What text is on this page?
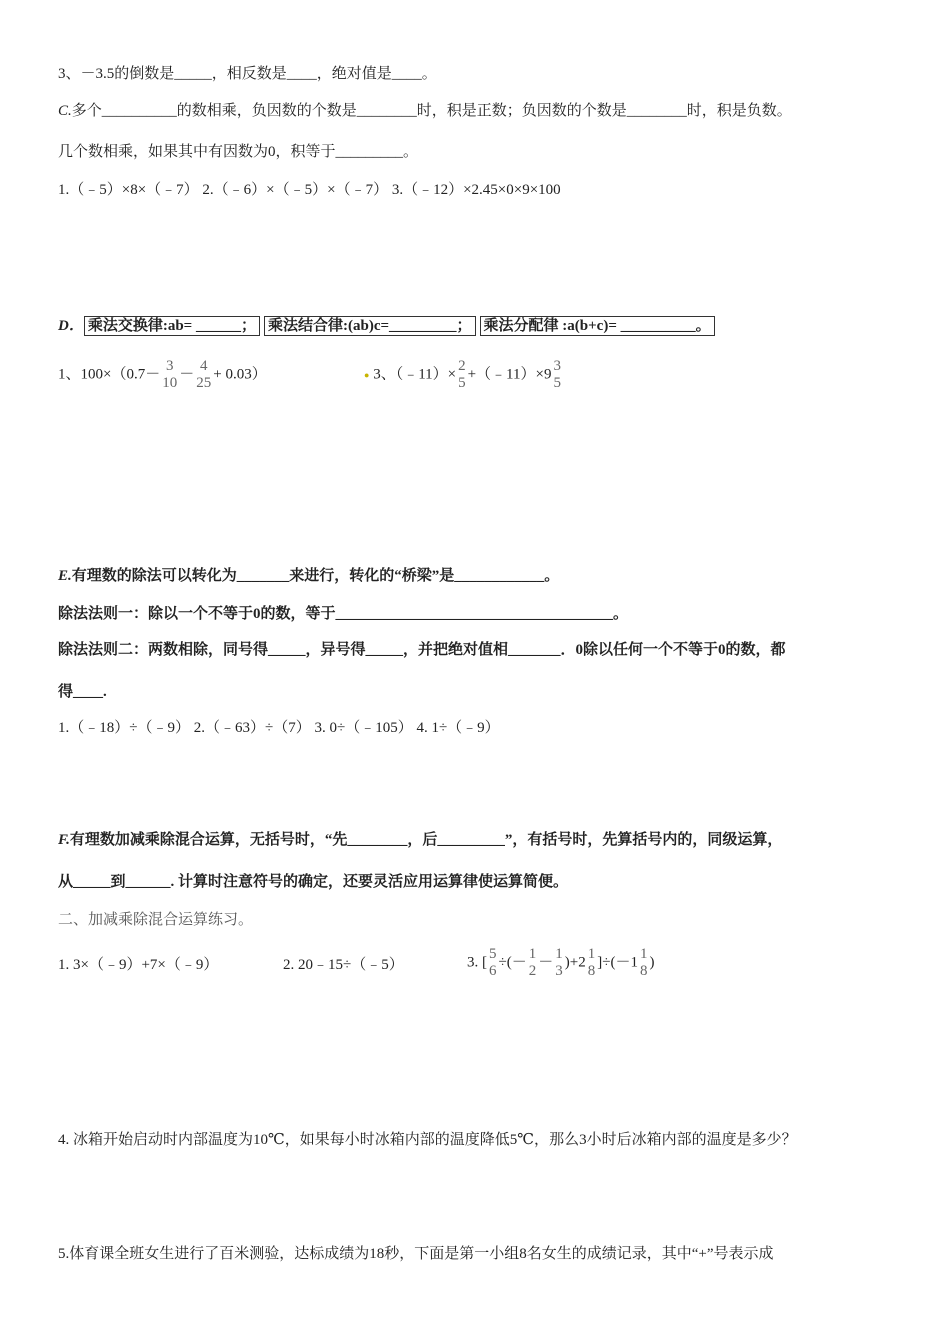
3、－3.5的倒数是_____，相反数是____，绝对值是____。
C.多个__________的数相乘，负因数的个数是________时，积是正数；负因数的个数是________时，积是负数。
几个数相乘，如果其中有因数为0，积等于_________。
1.（﹣5）×8×（﹣7） 2.（﹣6）×（﹣5）×（﹣7） 3.（﹣12）×2.45×0×9×100
D． 乘法交换律:ab= ______； 乘法结合律:(ab)c=_________； 乘法分配律 :a(b+c)= __________。
1、100×（0.7－
3
10
－
4
25
+ 0.03）	● 3、（﹣11）×
2
5
+（﹣11）×9
3
5
E.有理数的除法可以转化为_______来进行，转化的“桥梁”是____________。
除法法则一：除以一个不等于0的数，等于_____________________________________。
除法法则二：两数相除，同号得_____，异号得_____，并把绝对值相_______．0除以任何一个不等于0的数，都
得____.
1.（﹣18）÷（﹣9） 2.（﹣63）÷（7） 3. 0÷（﹣105） 4. 1÷（﹣9）
F.有理数加减乘除混合运算，无括号时，“先________，后_________”，有括号时，先算括号内的，同级运算，
从_____到______. 计算时注意符号的确定，还要灵活应用运算律使运算简便。
二、加减乘除混合运算练习。
1. 3×（﹣9）+7×（﹣9）	2. 20﹣15÷（﹣5）	3. [
5
6
÷(－
1
2
－
1
3
)+2
1
8
]÷(－1
1
8
)
4. 冰箱开始启动时内部温度为10℃，如果每小时冰箱内部的温度降低5℃，那么3小时后冰箱内部的温度是多少？
5.体育课全班女生进行了百米测验，达标成绩为18秒，下面是第一小组8名女生的成绩记录，其中“+”号表示成
